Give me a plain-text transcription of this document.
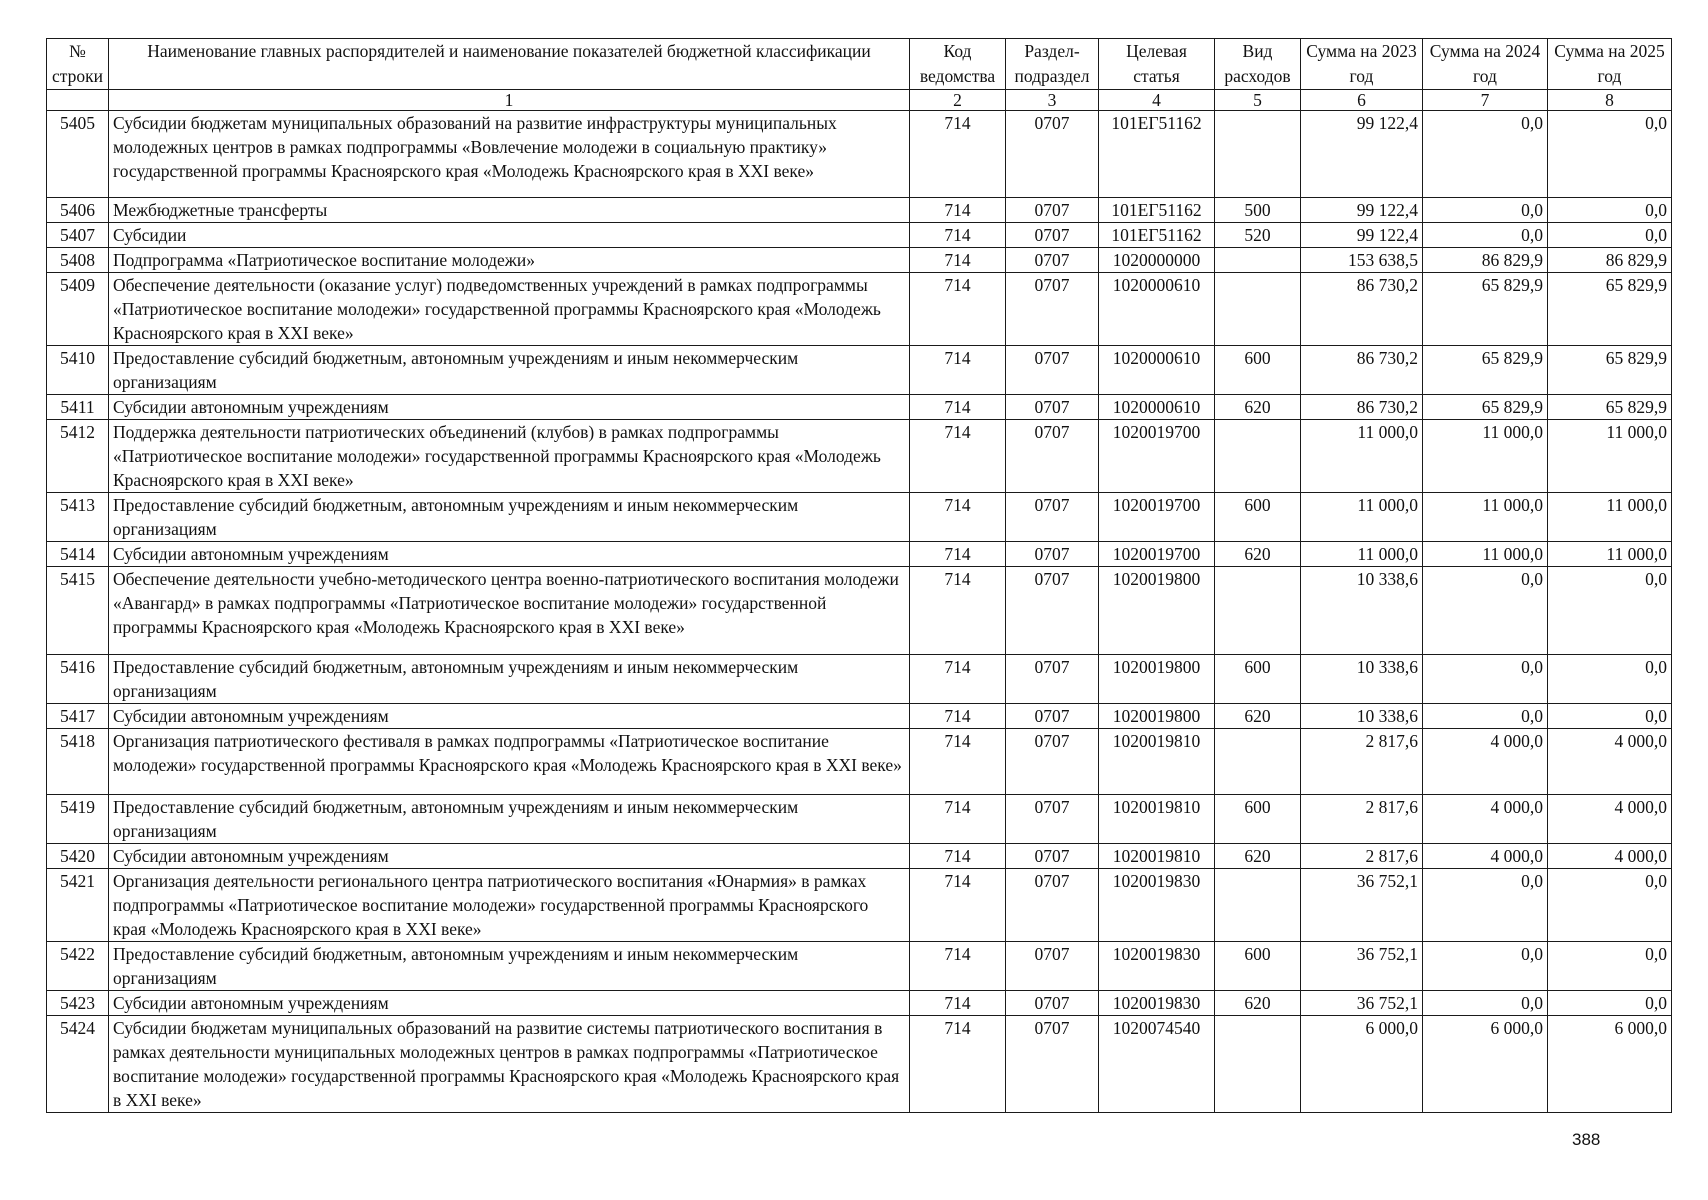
№ строки	Наименование главных распорядителей и наименование показателей бюджетной классификации	Код ведомства	Раздел-подраздел	Целевая статья	Вид расходов	Сумма на 2023 год	Сумма на 2024 год	Сумма на 2025 год
	1	2	3	4	5	6	7	8
5405	Субсидии бюджетам муниципальных образований на развитие инфраструктуры муниципальных молодежных центров в рамках подпрограммы «Вовлечение молодежи в социальную практику» государственной программы Красноярского края «Молодежь Красноярского края в XXI веке»	714	0707	101ЕГ51162		99 122,4	0,0	0,0
5406	Межбюджетные трансферты	714	0707	101ЕГ51162	500	99 122,4	0,0	0,0
5407	Субсидии	714	0707	101ЕГ51162	520	99 122,4	0,0	0,0
5408	Подпрограмма «Патриотическое воспитание молодежи»	714	0707	1020000000		153 638,5	86 829,9	86 829,9
5409	Обеспечение деятельности (оказание услуг) подведомственных учреждений в рамках подпрограммы «Патриотическое воспитание молодежи» государственной программы Красноярского края «Молодежь Красноярского края в XXI веке»	714	0707	1020000610		86 730,2	65 829,9	65 829,9
5410	Предоставление субсидий бюджетным, автономным учреждениям и иным некоммерческим организациям	714	0707	1020000610	600	86 730,2	65 829,9	65 829,9
5411	Субсидии автономным учреждениям	714	0707	1020000610	620	86 730,2	65 829,9	65 829,9
5412	Поддержка деятельности патриотических объединений (клубов) в рамках подпрограммы «Патриотическое воспитание молодежи» государственной программы Красноярского края «Молодежь Красноярского края в XXI веке»	714	0707	1020019700		11 000,0	11 000,0	11 000,0
5413	Предоставление субсидий бюджетным, автономным учреждениям и иным некоммерческим организациям	714	0707	1020019700	600	11 000,0	11 000,0	11 000,0
5414	Субсидии автономным учреждениям	714	0707	1020019700	620	11 000,0	11 000,0	11 000,0
5415	Обеспечение деятельности учебно-методического центра военно-патриотического воспитания молодежи «Авангард» в рамках подпрограммы «Патриотическое воспитание молодежи» государственной программы Красноярского края «Молодежь Красноярского края в XXI веке»	714	0707	1020019800		10 338,6	0,0	0,0
5416	Предоставление субсидий бюджетным, автономным учреждениям и иным некоммерческим организациям	714	0707	1020019800	600	10 338,6	0,0	0,0
5417	Субсидии автономным учреждениям	714	0707	1020019800	620	10 338,6	0,0	0,0
5418	Организация патриотического фестиваля в рамках подпрограммы «Патриотическое воспитание молодежи» государственной программы Красноярского края «Молодежь Красноярского края в XXI веке»	714	0707	1020019810		2 817,6	4 000,0	4 000,0
5419	Предоставление субсидий бюджетным, автономным учреждениям и иным некоммерческим организациям	714	0707	1020019810	600	2 817,6	4 000,0	4 000,0
5420	Субсидии автономным учреждениям	714	0707	1020019810	620	2 817,6	4 000,0	4 000,0
5421	Организация деятельности регионального центра патриотического воспитания «Юнармия» в рамках подпрограммы «Патриотическое воспитание молодежи» государственной программы Красноярского края «Молодежь Красноярского края в XXI веке»	714	0707	1020019830		36 752,1	0,0	0,0
5422	Предоставление субсидий бюджетным, автономным учреждениям и иным некоммерческим организациям	714	0707	1020019830	600	36 752,1	0,0	0,0
5423	Субсидии автономным учреждениям	714	0707	1020019830	620	36 752,1	0,0	0,0
5424	Субсидии бюджетам муниципальных образований на развитие системы патриотического воспитания в рамках деятельности муниципальных молодежных центров в рамках подпрограммы «Патриотическое воспитание молодежи» государственной программы Красноярского края «Молодежь Красноярского края в XXI веке»	714	0707	1020074540		6 000,0	6 000,0	6 000,0
388
